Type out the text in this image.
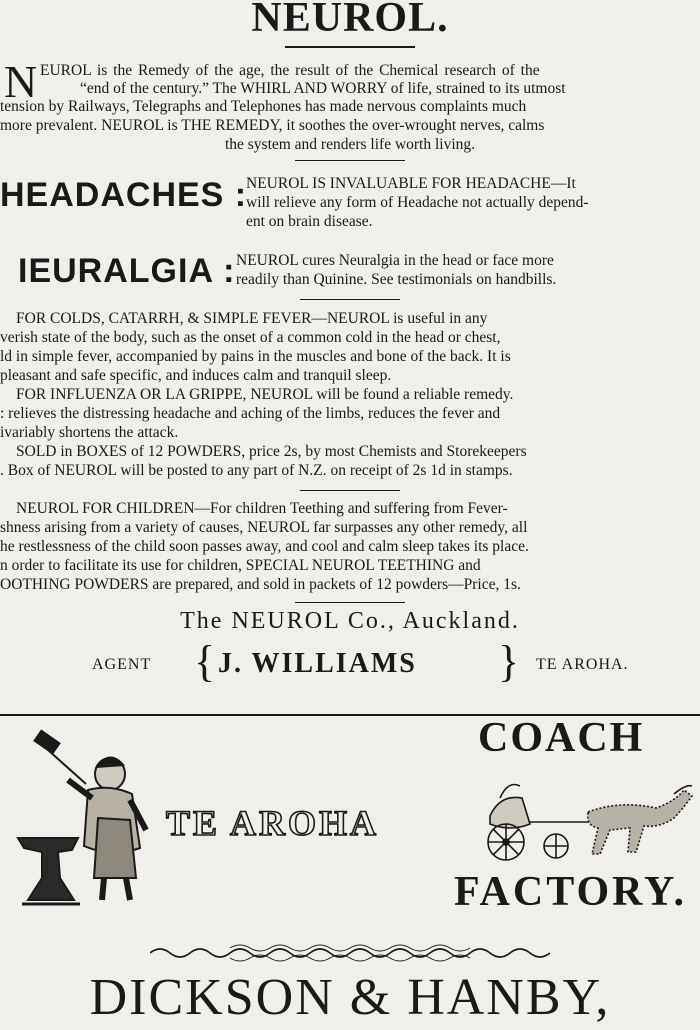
NEUROL.
N EUROL is the Remedy of the age, the result of the Chemical research of the
“end of the century.” The WHIRL AND WORRY of life, strained to its utmost
tension by Railways, Telegraphs and Telephones has made nervous complaints much
more prevalent. NEUROL is THE REMEDY, it soothes the over-wrought nerves, calms
the system and renders life worth living.
HEADACHES :
NEUROL IS INVALUABLE FOR HEADACHE—It
will relieve any form of Headache not actually depend-
ent on brain disease.
IEURALGIA : NEUROL cures Neuralgia in the head or face more
readily than Quinine. See testimonials on handbills.
FOR COLDS, CATARRH, & SIMPLE FEVER—NEUROL is useful in any
verish state of the body, such as the onset of a common cold in the head or chest,
ld in simple fever, accompanied by pains in the muscles and bone of the back. It is
pleasant and safe specific, and induces calm and tranquil sleep.
FOR INFLUENZA OR LA GRIPPE, NEUROL will be found a reliable remedy.
: relieves the distressing headache and aching of the limbs, reduces the fever and
ivariably shortens the attack.
SOLD in BOXES of 12 POWDERS, price 2s, by most Chemists and Storekeepers
. Box of NEUROL will be posted to any part of N.Z. on receipt of 2s 1d in stamps.
NEUROL FOR CHILDREN—For children Teething and suffering from Fever-
shness arising from a variety of causes, NEUROL far surpasses any other remedy, all
he restlessness of the child soon passes away, and cool and calm sleep takes its place.
n order to facilitate its use for children, SPECIAL NEUROL TEETHING and
OOTHING POWDERS are prepared, and sold in packets of 12 powders—Price, 1s.
The NEUROL Co., Auckland.
AGENT { J. WILLIAMS } TE AROHA.
COACH
TE AROHA
FACTORY.
DICKSON & HANBY,
